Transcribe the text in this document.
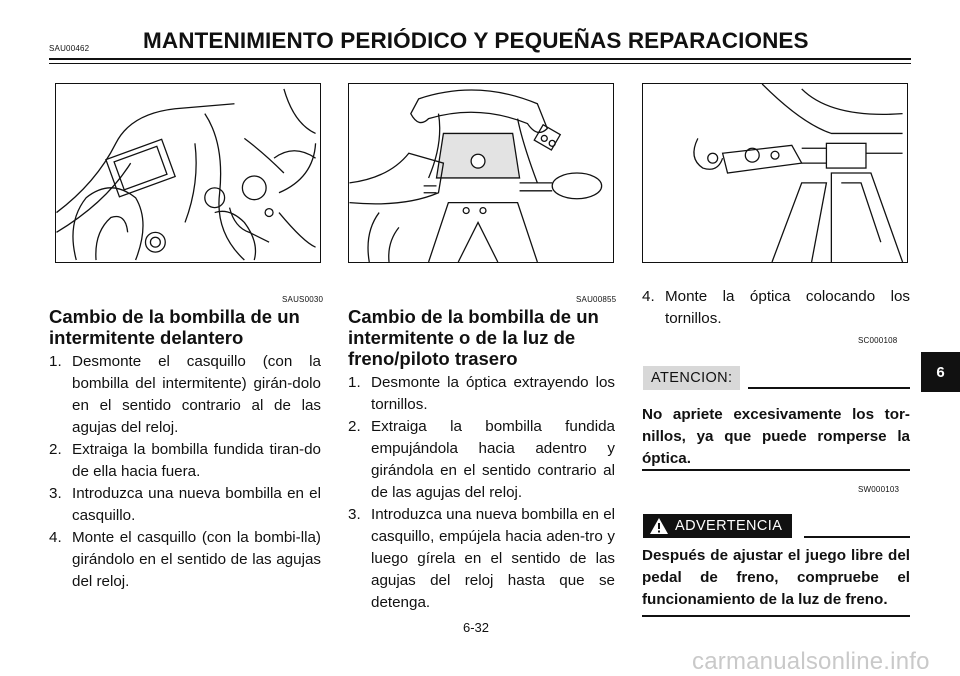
SAU00462 MANTENIMIENTO PERIÓDICO Y PEQUEÑAS REPARACIONES
SAUS0030
Cambio de la bombilla de un
intermitente delantero
1. Desmonte el casquillo (con la bombilla del intermitente) girán-dolo en el sentido contrario al de las agujas del reloj.
2. Extraiga la bombilla fundida tiran-do de ella hacia fuera.
3. Introduzca una nueva bombilla en el casquillo.
4. Monte el casquillo (con la bombi-lla) girándolo en el sentido de las agujas del reloj.
SAU00855
Cambio de la bombilla de un
intermitente o de la luz de
freno/piloto trasero
1. Desmonte la óptica extrayendo los tornillos.
2. Extraiga la bombilla fundida empujándola hacia adentro y girándola en el sentido contrario al de las agujas del reloj.
3. Introduzca una nueva bombilla en el casquillo, empújela hacia aden-tro y luego gírela en el sentido de las agujas del reloj hasta que se detenga.
4. Monte la óptica colocando los tornillos.
SC000108
ATENCION:
No apriete excesivamente los tor-nillos, ya que puede romperse la óptica.
SW000103
ADVERTENCIA
Después de ajustar el juego libre del pedal de freno, compruebe el funcionamiento de la luz de freno.
6
6-32
carmanualsonline.info
